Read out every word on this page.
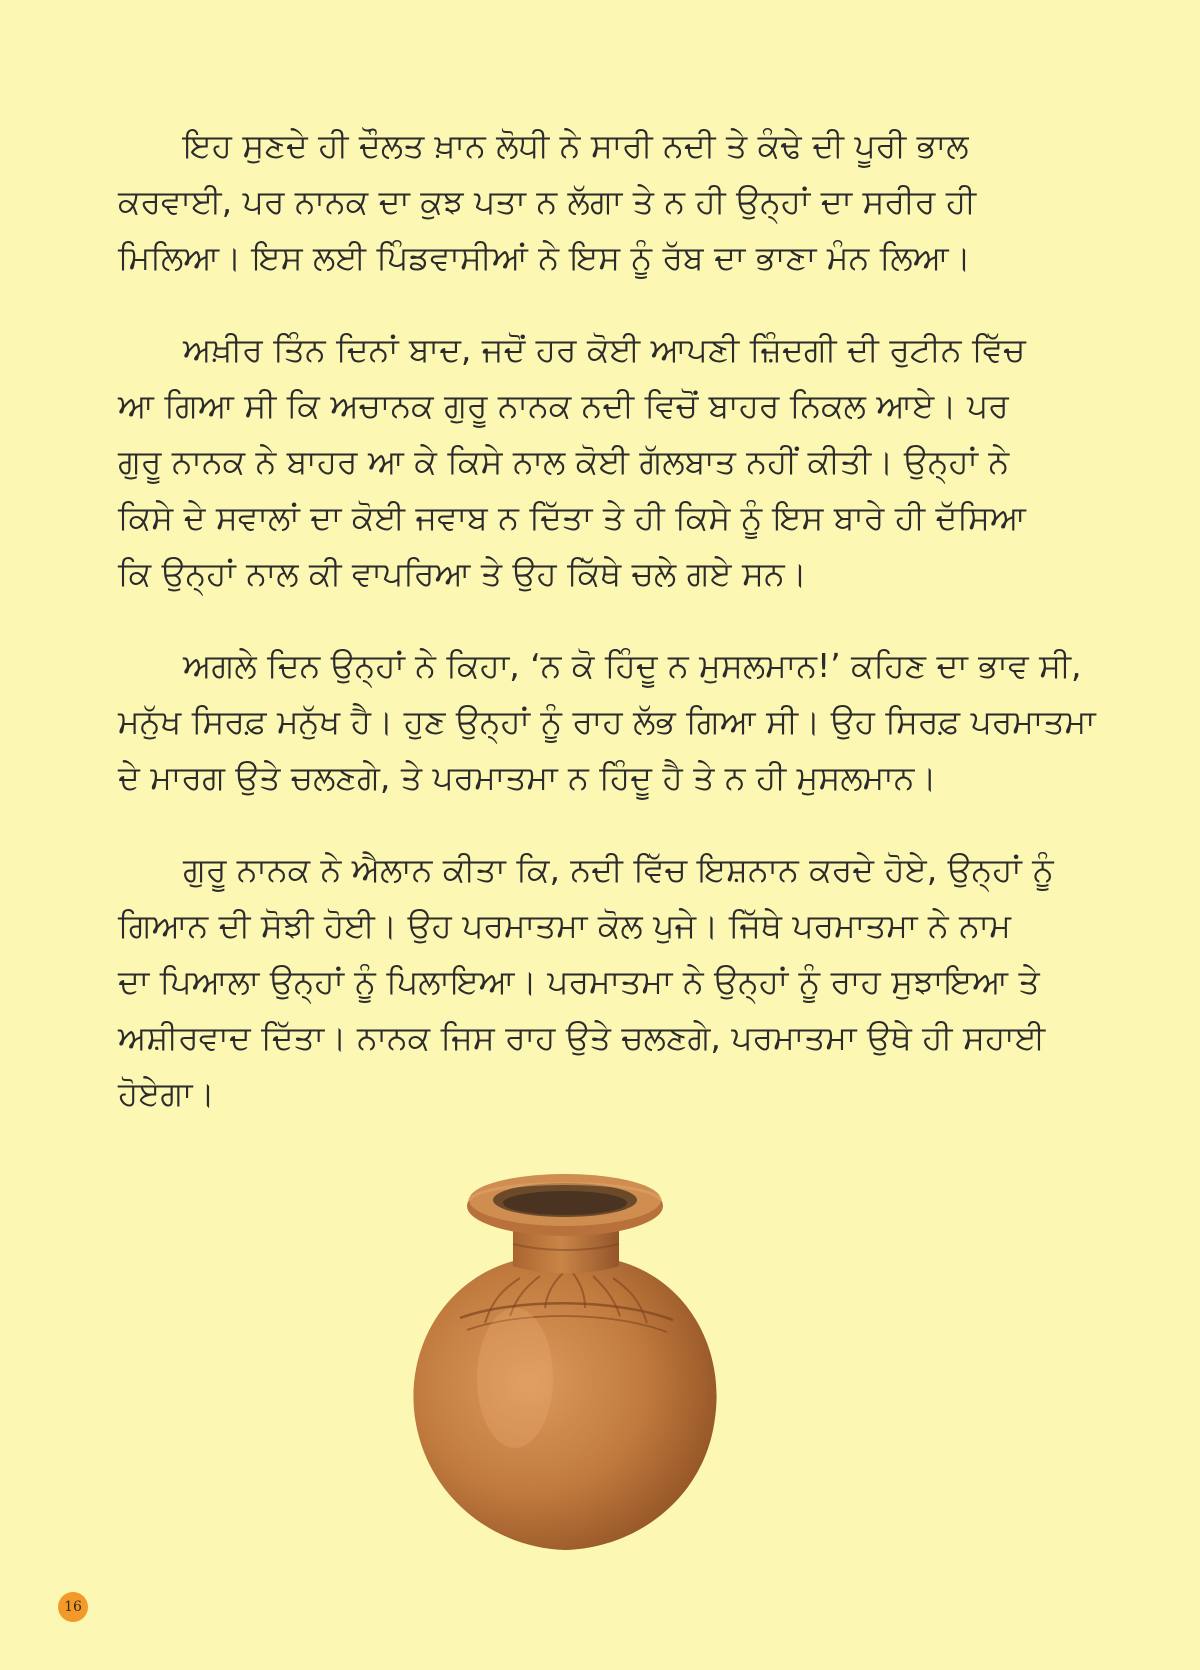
ਇਹ ਸੁਣਦੇ ਹੀ ਦੌਲਤ ਖ਼ਾਨ ਲੋਧੀ ਨੇ ਸਾਰੀ ਨਦੀ ਤੇ ਕੰਢੇ ਦੀ ਪੂਰੀ ਭਾਲ
ਕਰਵਾਈ, ਪਰ ਨਾਨਕ ਦਾ ਕੁਝ ਪਤਾ ਨ ਲੱਗਾ ਤੇ ਨ ਹੀ ਉਨ੍ਹਾਂ ਦਾ ਸਰੀਰ ਹੀ
ਮਿਲਿਆ। ਇਸ ਲਈ ਪਿੰਡਵਾਸੀਆਂ ਨੇ ਇਸ ਨੂੰ ਰੱਬ ਦਾ ਭਾਣਾ ਮੰਨ ਲਿਆ।

ਅਖ਼ੀਰ ਤਿੰਨ ਦਿਨਾਂ ਬਾਦ, ਜਦੋਂ ਹਰ ਕੋਈ ਆਪਣੀ ਜ਼ਿੰਦਗੀ ਦੀ ਰੁਟੀਨ ਵਿੱਚ
ਆ ਗਿਆ ਸੀ ਕਿ ਅਚਾਨਕ ਗੁਰੂ ਨਾਨਕ ਨਦੀ ਵਿਚੋਂ ਬਾਹਰ ਨਿਕਲ ਆਏ। ਪਰ
ਗੁਰੂ ਨਾਨਕ ਨੇ ਬਾਹਰ ਆ ਕੇ ਕਿਸੇ ਨਾਲ ਕੋਈ ਗੱਲਬਾਤ ਨਹੀਂ ਕੀਤੀ। ਉਨ੍ਹਾਂ ਨੇ
ਕਿਸੇ ਦੇ ਸਵਾਲਾਂ ਦਾ ਕੋਈ ਜਵਾਬ ਨ ਦਿੱਤਾ ਤੇ ਹੀ ਕਿਸੇ ਨੂੰ ਇਸ ਬਾਰੇ ਹੀ ਦੱਸਿਆ
ਕਿ ਉਨ੍ਹਾਂ ਨਾਲ ਕੀ ਵਾਪਰਿਆ ਤੇ ਉਹ ਕਿੱਥੇ ਚਲੇ ਗਏ ਸਨ।

ਅਗਲੇ ਦਿਨ ਉਨ੍ਹਾਂ ਨੇ ਕਿਹਾ, ‘ਨ ਕੋ ਹਿੰਦੂ ਨ ਮੁਸਲਮਾਨ!’ ਕਹਿਣ ਦਾ ਭਾਵ ਸੀ,
ਮਨੁੱਖ ਸਿਰਫ਼ ਮਨੁੱਖ ਹੈ। ਹੁਣ ਉਨ੍ਹਾਂ ਨੂੰ ਰਾਹ ਲੱਭ ਗਿਆ ਸੀ। ਉਹ ਸਿਰਫ਼ ਪਰਮਾਤਮਾ
ਦੇ ਮਾਰਗ ਉਤੇ ਚਲਣਗੇ, ਤੇ ਪਰਮਾਤਮਾ ਨ ਹਿੰਦੂ ਹੈ ਤੇ ਨ ਹੀ ਮੁਸਲਮਾਨ।

ਗੁਰੂ ਨਾਨਕ ਨੇ ਐਲਾਨ ਕੀਤਾ ਕਿ, ਨਦੀ ਵਿੱਚ ਇਸ਼ਨਾਨ ਕਰਦੇ ਹੋਏ, ਉਨ੍ਹਾਂ ਨੂੰ
ਗਿਆਨ ਦੀ ਸੋਝੀ ਹੋਈ। ਉਹ ਪਰਮਾਤਮਾ ਕੋਲ ਪੁਜੇ। ਜਿੱਥੇ ਪਰਮਾਤਮਾ ਨੇ ਨਾਮ
ਦਾ ਪਿਆਲਾ ਉਨ੍ਹਾਂ ਨੂੰ ਪਿਲਾਇਆ। ਪਰਮਾਤਮਾ ਨੇ ਉਨ੍ਹਾਂ ਨੂੰ ਰਾਹ ਸੁਝਾਇਆ ਤੇ
ਅਸ਼ੀਰਵਾਦ ਦਿੱਤਾ। ਨਾਨਕ ਜਿਸ ਰਾਹ ਉਤੇ ਚਲਣਗੇ, ਪਰਮਾਤਮਾ ਉਥੇ ਹੀ ਸਹਾਈ
ਹੋਏਗਾ।

16
